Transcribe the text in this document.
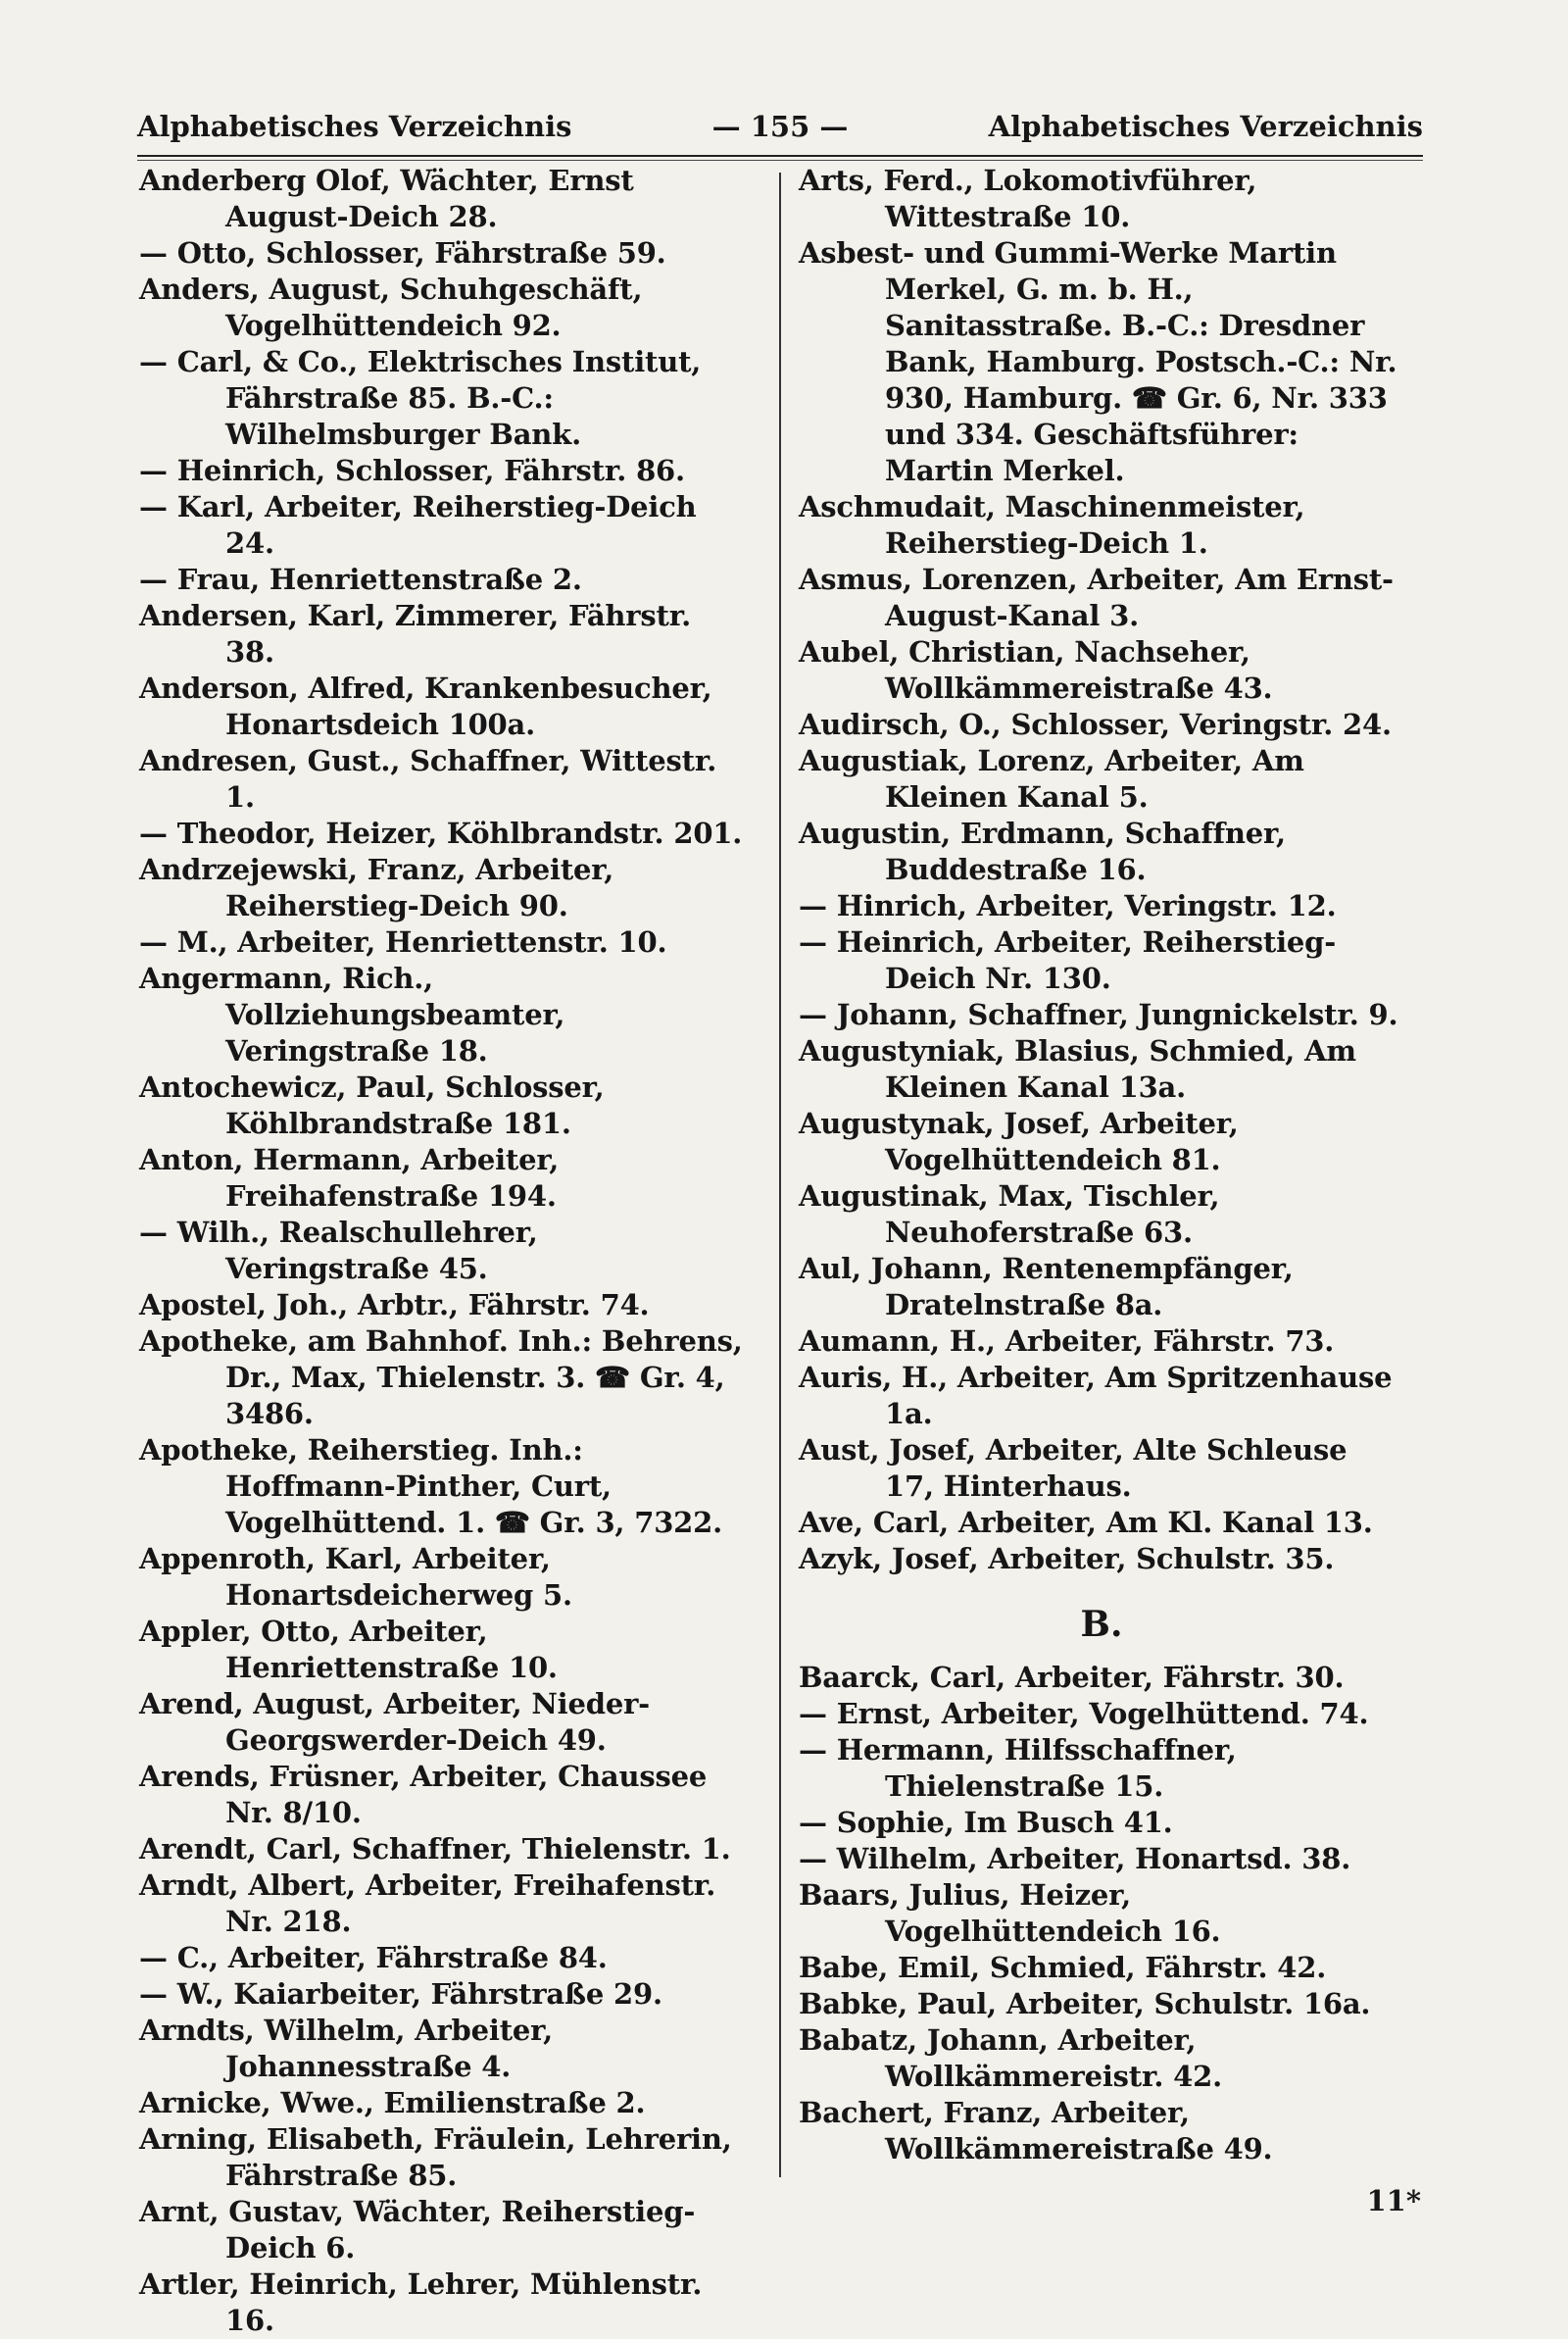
Alphabetisches Verzeichnis	— 155 —	Alphabetisches Verzeichnis

Anderberg Olof, Wächter, Ernst August-Deich 28.

— Otto, Schlosser, Fährstraße 59.

Anders, August, Schuhgeschäft, Vogelhüttendeich 92.

— Carl, & Co., Elektrisches Institut, Fährstraße 85. B.-C.: Wilhelmsburger Bank.

— Heinrich, Schlosser, Fährstr. 86.

— Karl, Arbeiter, Reiherstieg-Deich 24.

— Frau, Henriettenstraße 2.

Andersen, Karl, Zimmerer, Fährstr. 38.

Anderson, Alfred, Krankenbesucher, Honartsdeich 100a.

Andresen, Gust., Schaffner, Wittestr. 1.

— Theodor, Heizer, Köhlbrandstr. 201.

Andrzejewski, Franz, Arbeiter, Reiherstieg-Deich 90.

— M., Arbeiter, Henriettenstr. 10.

Angermann, Rich., Vollziehungsbeamter, Veringstraße 18.

Antochewicz, Paul, Schlosser, Köhlbrandstraße 181.

Anton, Hermann, Arbeiter, Freihafenstraße 194.

— Wilh., Realschullehrer, Veringstraße 45.

Apostel, Joh., Arbtr., Fährstr. 74.

Apotheke, am Bahnhof. Inh.: Behrens, Dr., Max, Thielenstr. 3. ☎ Gr. 4, 3486.

Apotheke, Reiherstieg. Inh.: Hoffmann-Pinther, Curt, Vogelhüttend. 1. ☎ Gr. 3, 7322.

Appenroth, Karl, Arbeiter, Honartsdeicherweg 5.

Appler, Otto, Arbeiter, Henriettenstraße 10.

Arend, August, Arbeiter, Nieder-Georgswerder-Deich 49.

Arends, Früsner, Arbeiter, Chaussee Nr. 8/10.

Arendt, Carl, Schaffner, Thielenstr. 1.

Arndt, Albert, Arbeiter, Freihafenstr. Nr. 218.

— C., Arbeiter, Fährstraße 84.

— W., Kaiarbeiter, Fährstraße 29.

Arndts, Wilhelm, Arbeiter, Johannesstraße 4.

Arnicke, Wwe., Emilienstraße 2.

Arning, Elisabeth, Fräulein, Lehrerin, Fährstraße 85.

Arnt, Gustav, Wächter, Reiherstieg-Deich 6.

Artler, Heinrich, Lehrer, Mühlenstr. 16.

Arts, Ferd., Lokomotivführer, Wittestraße 10.

Asbest- und Gummi-Werke Martin Merkel, G. m. b. H., Sanitasstraße. B.-C.: Dresdner Bank, Hamburg. Postsch.-C.: Nr. 930, Hamburg. ☎ Gr. 6, Nr. 333 und 334. Geschäftsführer: Martin Merkel.

Aschmudait, Maschinenmeister, Reiherstieg-Deich 1.

Asmus, Lorenzen, Arbeiter, Am Ernst-August-Kanal 3.

Aubel, Christian, Nachseher, Wollkämmereistraße 43.

Audirsch, O., Schlosser, Veringstr. 24.

Augustiak, Lorenz, Arbeiter, Am Kleinen Kanal 5.

Augustin, Erdmann, Schaffner, Buddestraße 16.

— Hinrich, Arbeiter, Veringstr. 12.

— Heinrich, Arbeiter, Reiherstieg-Deich Nr. 130.

— Johann, Schaffner, Jungnickelstr. 9.

Augustyniak, Blasius, Schmied, Am Kleinen Kanal 13a.

Augustynak, Josef, Arbeiter, Vogelhüttendeich 81.

Augustinak, Max, Tischler, Neuhoferstraße 63.

Aul, Johann, Rentenempfänger, Dratelnstraße 8a.

Aumann, H., Arbeiter, Fährstr. 73.

Auris, H., Arbeiter, Am Spritzenhause 1a.

Aust, Josef, Arbeiter, Alte Schleuse 17, Hinterhaus.

Ave, Carl, Arbeiter, Am Kl. Kanal 13.

Azyk, Josef, Arbeiter, Schulstr. 35.

B.

Baarck, Carl, Arbeiter, Fährstr. 30.

— Ernst, Arbeiter, Vogelhüttend. 74.

— Hermann, Hilfsschaffner, Thielenstraße 15.

— Sophie, Im Busch 41.

— Wilhelm, Arbeiter, Honartsd. 38.

Baars, Julius, Heizer, Vogelhüttendeich 16.

Babe, Emil, Schmied, Fährstr. 42.

Babke, Paul, Arbeiter, Schulstr. 16a.

Babatz, Johann, Arbeiter, Wollkämmereistr. 42.

Bachert, Franz, Arbeiter, Wollkämmereistraße 49.

11*
